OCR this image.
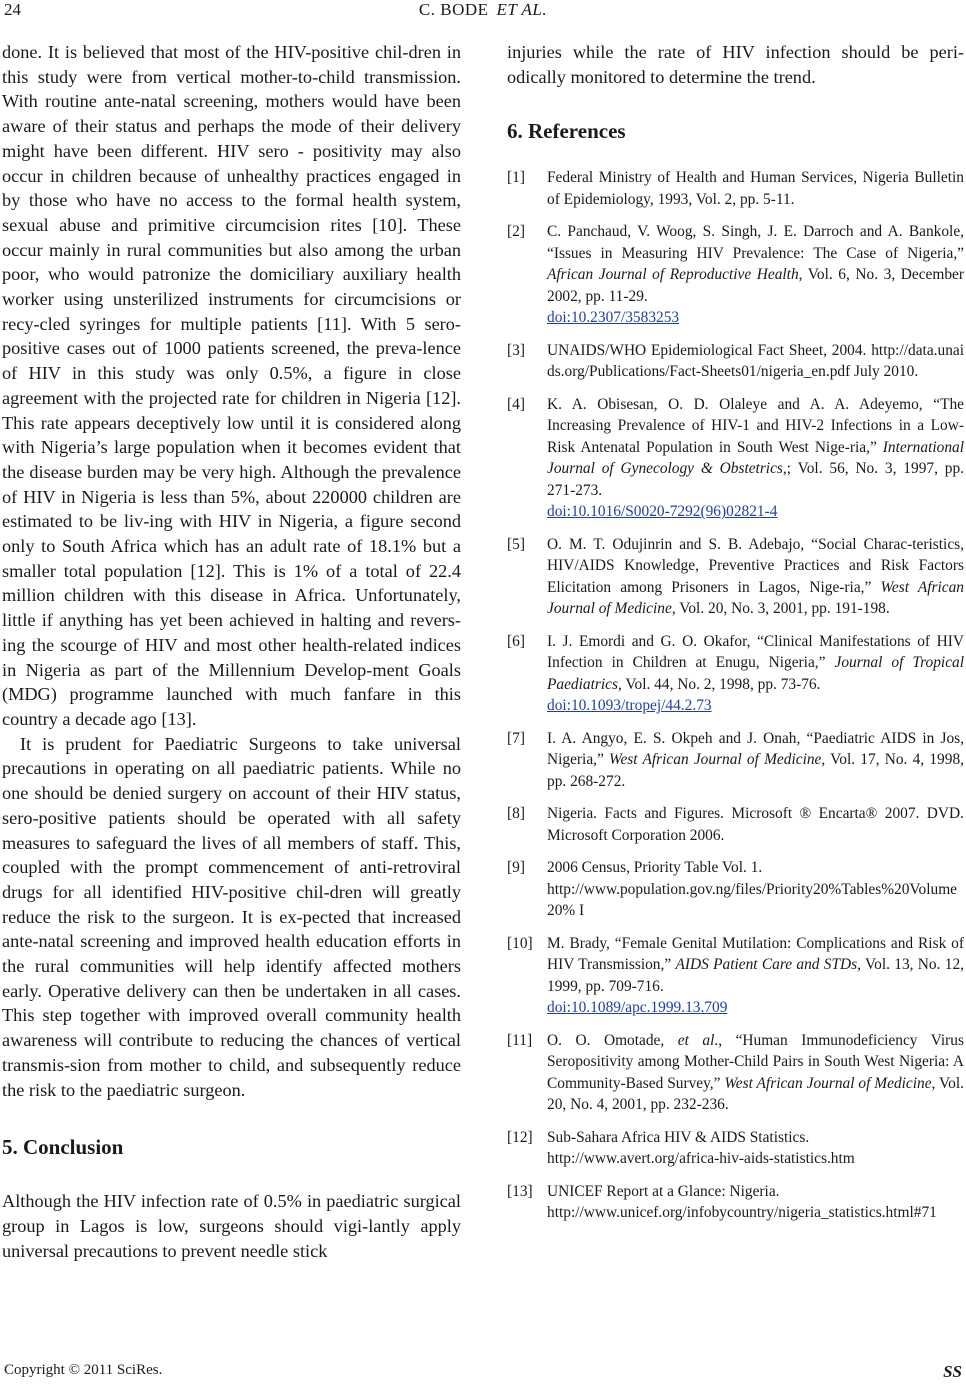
24	C. BODE ET AL.

done. It is believed that most of the HIV-positive chil-dren in this study were from vertical mother-to-child transmission. With routine ante-natal screening, mothers would have been aware of their status and perhaps the mode of their delivery might have been different. HIV sero - positivity may also occur in children because of unhealthy practices engaged in by those who have no access to the formal health system, sexual abuse and primitive circumcision rites [10]. These occur mainly in rural communities but also among the urban poor, who would patronize the domiciliary auxiliary health worker using unsterilized instruments for circumcisions or recy-cled syringes for multiple patients [11]. With 5 sero-positive cases out of 1000 patients screened, the preva-lence of HIV in this study was only 0.5%, a figure in close agreement with the projected rate for children in Nigeria [12]. This rate appears deceptively low until it is considered along with Nigeria’s large population when it becomes evident that the disease burden may be very high. Although the prevalence of HIV in Nigeria is less than 5%, about 220000 children are estimated to be liv-ing with HIV in Nigeria, a figure second only to South Africa which has an adult rate of 18.1% but a smaller total population [12]. This is 1% of a total of 22.4 million children with this disease in Africa. Unfortunately, little if anything has yet been achieved in halting and revers-ing the scourge of HIV and most other health-related indices in Nigeria as part of the Millennium Develop-ment Goals (MDG) programme launched with much fanfare in this country a decade ago [13].

It is prudent for Paediatric Surgeons to take universal precautions in operating on all paediatric patients. While no one should be denied surgery on account of their HIV status, sero-positive patients should be operated with all safety measures to safeguard the lives of all members of staff. This, coupled with the prompt commencement of anti-retroviral drugs for all identified HIV-positive chil-dren will greatly reduce the risk to the surgeon. It is ex-pected that increased ante-natal screening and improved health education efforts in the rural communities will help identify affected mothers early. Operative delivery can then be undertaken in all cases. This step together with improved overall community health awareness will contribute to reducing the chances of vertical transmis-sion from mother to child, and subsequently reduce the risk to the paediatric surgeon.

5. Conclusion

Although the HIV infection rate of 0.5% in paediatric surgical group in Lagos is low, surgeons should vigi-lantly apply universal precautions to prevent needle stick

injuries while the rate of HIV infection should be peri-odically monitored to determine the trend.

6. References
[1]	Federal Ministry of Health and Human Services, Nigeria Bulletin of Epidemiology, 1993, Vol. 2, pp. 5-11.
[2]	C. Panchaud, V. Woog, S. Singh, J. E. Darroch and A. Bankole, “Issues in Measuring HIV Prevalence: The Case of Nigeria,” African Journal of Reproductive Health, Vol. 6, No. 3, December 2002, pp. 11-29.
doi:10.2307/3583253
[3]	UNAIDS/WHO Epidemiological Fact Sheet, 2004. http://data.unaids.org/Publications/Fact-Sheets01/nigeria_en.pdf July 2010.
[4]	K. A. Obisesan, O. D. Olaleye and A. A. Adeyemo, “The Increasing Prevalence of HIV-1 and HIV-2 Infections in a Low-Risk Antenatal Population in South West Nige-ria,” International Journal of Gynecology & Obstetrics,; Vol. 56, No. 3, 1997, pp. 271-273.
doi:10.1016/S0020-7292(96)02821-4
[5]	O. M. T. Odujinrin and S. B. Adebajo, “Social Charac-teristics, HIV/AIDS Knowledge, Preventive Practices and Risk Factors Elicitation among Prisoners in Lagos, Nige-ria,” West African Journal of Medicine, Vol. 20, No. 3, 2001, pp. 191-198.
[6]	I. J. Emordi and G. O. Okafor, “Clinical Manifestations of HIV Infection in Children at Enugu, Nigeria,” Journal of Tropical Paediatrics, Vol. 44, No. 2, 1998, pp. 73-76.
doi:10.1093/tropej/44.2.73
[7]	I. A. Angyo, E. S. Okpeh and J. Onah, “Paediatric AIDS in Jos, Nigeria,” West African Journal of Medicine, Vol. 17, No. 4, 1998, pp. 268-272.
[8]	Nigeria. Facts and Figures. Microsoft ® Encarta® 2007. DVD. Microsoft Corporation 2006.
[9]	2006 Census, Priority Table Vol. 1.
http://www.population.gov.ng/files/Priority20%Tables%20Volume 20% I
[10] M. Brady, “Female Genital Mutilation: Complications and Risk of HIV Transmission,” AIDS Patient Care and STDs, Vol. 13, No. 12, 1999, pp. 709-716.
doi:10.1089/apc.1999.13.709
[11] O. O. Omotade, et al., “Human Immunodeficiency Virus Seropositivity among Mother-Child Pairs in South West Nigeria: A Community-Based Survey,” West African Journal of Medicine, Vol. 20, No. 4, 2001, pp. 232-236.
[12] Sub-Sahara Africa HIV & AIDS Statistics.
http://www.avert.org/africa-hiv-aids-statistics.htm
[13] UNICEF Report at a Glance: Nigeria.
http://www.unicef.org/infobycountry/nigeria_statistics.html#71
Copyright © 2011 SciRes.	SS
